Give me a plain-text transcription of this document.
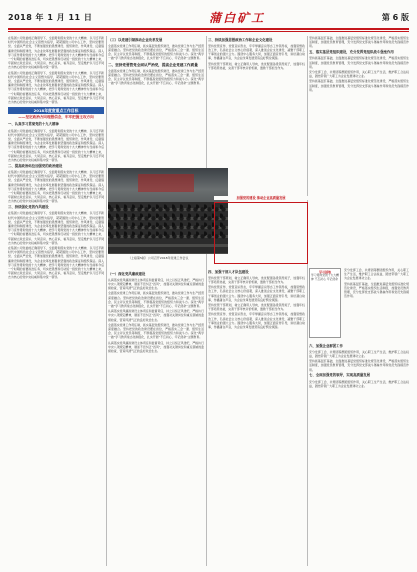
2018 年 1 月 11 日	蒲白矿工	第 6 版

在集团公司党委的正确领导下，全面贯彻落实党的十九大精神，以习近平新时代中国特色社会主义思想为指导，紧紧围绕公司中心工作，坚持党要管党、全面从严治党，不断加强党的思想建设、组织建设、作风建设、反腐倡廉建设和制度建设，为企业改革发展提供坚强的政治保证和组织保证。深入学习宣传贯彻党的十九大精神，把学习贯彻党的十九大精神作为当前和今后一个时期的首要政治任务，切实把思想和行动统一到党的十九大精神上来，牢固树立政治意识、大局意识、核心意识、看齐意识，坚定维护以习近平同志为核心的党中央权威和集中统一领导。

在集团公司党委的正确领导下，全面贯彻落实党的十九大精神，以习近平新时代中国特色社会主义思想为指导，紧紧围绕公司中心工作，坚持党要管党、全面从严治党，不断加强党的思想建设、组织建设、作风建设、反腐倡廉建设和制度建设，为企业改革发展提供坚强的政治保证和组织保证。深入学习宣传贯彻党的十九大精神，把学习贯彻党的十九大精神作为当前和今后一个时期的首要政治任务，切实把思想和行动统一到党的十九大精神上来，牢固树立政治意识、大局意识、核心意识、看齐意识，坚定维护以习近平同志为核心的党中央权威和集中统一领导。

2018年度度重点工作目标
——坚定政治方向理想信念，牢牢把握主攻方向
一、认真学习贯彻党的十九大精神

在集团公司党委的正确领导下，全面贯彻落实党的十九大精神，以习近平新时代中国特色社会主义思想为指导，紧紧围绕公司中心工作，坚持党要管党、全面从严治党，不断加强党的思想建设、组织建设、作风建设、反腐倡廉建设和制度建设，为企业改革发展提供坚强的政治保证和组织保证。深入学习宣传贯彻党的十九大精神，把学习贯彻党的十九大精神作为当前和今后一个时期的首要政治任务，切实把思想和行动统一到党的十九大精神上来，牢固树立政治意识、大局意识、核心意识、看齐意识，坚定维护以习近平同志为核心的党中央权威和集中统一领导。

二、提高政治站位加强党的政治建设

在集团公司党委的正确领导下，全面贯彻落实党的十九大精神，以习近平新时代中国特色社会主义思想为指导，紧紧围绕公司中心工作，坚持党要管党、全面从严治党，不断加强党的思想建设、组织建设、作风建设、反腐倡廉建设和制度建设，为企业改革发展提供坚强的政治保证和组织保证。深入学习宣传贯彻党的十九大精神，把学习贯彻党的十九大精神作为当前和今后一个时期的首要政治任务，切实把思想和行动统一到党的十九大精神上来，牢固树立政治意识、大局意识、核心意识、看齐意识，坚定维护以习近平同志为核心的党中央权威和集中统一领导。

三、持续强化党的作风建设

在集团公司党委的正确领导下，全面贯彻落实党的十九大精神，以习近平新时代中国特色社会主义思想为指导，紧紧围绕公司中心工作，坚持党要管党、全面从严治党，不断加强党的思想建设、组织建设、作风建设、反腐倡廉建设和制度建设，为企业改革发展提供坚强的政治保证和组织保证。深入学习宣传贯彻党的十九大精神，把学习贯彻党的十九大精神作为当前和今后一个时期的首要政治任务，切实把思想和行动统一到党的十九大精神上来，牢固树立政治意识、大局意识、核心意识、看齐意识，坚定维护以习近平同志为核心的党中央权威和集中统一领导。

在集团公司党委的正确领导下，全面贯彻落实党的十九大精神，以习近平新时代中国特色社会主义思想为指导，紧紧围绕公司中心工作，坚持党要管党、全面从严治党，不断加强党的思想建设、组织建设、作风建设、反腐倡廉建设和制度建设，为企业改革发展提供坚强的政治保证和组织保证。深入学习宣传贯彻党的十九大精神，把学习贯彻党的十九大精神作为当前和今后一个时期的首要政治任务，切实把思想和行动统一到党的十九大精神上来，牢固树立政治意识、大局意识、核心意识、看齐意识，坚定维护以习近平同志为核心的党中央权威和集中统一领导。

（三）以党建引领推动企业改革发展

全面落实党建工作责任制，抓实基层党组织建设，推动党建工作与生产经营深度融合。坚持把党的政治建设摆在首位，严格落实三会一课、组织生活会、民主评议党员等制度，不断提高党组织的组织力和战斗力。深化“两学一做”学习教育常态化制度化，扎实开展“不忘初心、牢记使命”主题教育。

二、坚持党要管党全面从严治党，提高企业党建工作质量

全面落实党建工作责任制，抓实基层党组织建设，推动党建工作与生产经营深度融合。坚持把党的政治建设摆在首位，严格落实三会一课、组织生活会、民主评议党员等制度，不断提高党组织的组织力和战斗力。深化“两学一做”学习教育常态化制度化，扎实开展“不忘初心、牢记使命”主题教育。

（上接第5版）公司召开2018年党建工作会议
（一）深化党风廉政建设

认真落实党风廉政建设主体责任和监督责任，持之以恒正风肃纪，严格执行中央八项规定精神，驰而不息纠正“四风”，加强对关键岗位和重点领域的监督检查，营造风清气正的良好政治生态。

全面落实党建工作责任制，抓实基层党组织建设，推动党建工作与生产经营深度融合。坚持把党的政治建设摆在首位，严格落实三会一课、组织生活会、民主评议党员等制度，不断提高党组织的组织力和战斗力。深化“两学一做”学习教育常态化制度化，扎实开展“不忘初心、牢记使命”主题教育。

认真落实党风廉政建设主体责任和监督责任，持之以恒正风肃纪，严格执行中央八项规定精神，驰而不息纠正“四风”，加强对关键岗位和重点领域的监督检查，营造风清气正的良好政治生态。

全面落实党建工作责任制，抓实基层党组织建设，推动党建工作与生产经营深度融合。坚持把党的政治建设摆在首位，严格落实三会一课、组织生活会、民主评议党员等制度，不断提高党组织的组织力和战斗力。深化“两学一做”学习教育常态化制度化，扎实开展“不忘初心、牢记使命”主题教育。

认真落实党风廉政建设主体责任和监督责任，持之以恒正风肃纪，严格执行中央八项规定精神，驰而不息纠正“四风”，加强对关键岗位和重点领域的监督检查，营造风清气正的良好政治生态。

三、持续加强思想政治工作和企业文化建设

坚持党管宣传、党管意识形态，牢牢掌握意识形态工作领导权，加强思想政治工作，弘扬社会主义核心价值观，深入推进企业文化建设，凝聚干部职工干事创业的强大合力。围绕中心服务大局，加强正面宣传引导，讲好蒲白故事，传播蒲白声音，为企业改革发展营造良好舆论氛围。

坚持党管干部原则，树立正确用人导向，选优配强各级领导班子，加强年轻干部培养选拔，完善干部考核评价机制，激励干部担当作为。

加强党的建设 推动企业高质量发展
四、加强干部人才队伍建设

坚持党管干部原则，树立正确用人导向，选优配强各级领导班子，加强年轻干部培养选拔，完善干部考核评价机制，激励干部担当作为。

坚持党管宣传、党管意识形态，牢牢掌握意识形态工作领导权，加强思想政治工作，弘扬社会主义核心价值观，深入推进企业文化建设，凝聚干部职工干事创业的强大合力。围绕中心服务大局，加强正面宣传引导，讲好蒲白故事，传播蒲白声音，为企业改革发展营造良好舆论氛围。

坚持党管干部原则，树立正确用人导向，选优配强各级领导班子，加强年轻干部培养选拔，完善干部考核评价机制，激励干部担当作为。

坚持党管宣传、党管意识形态，牢牢掌握意识形态工作领导权，加强思想政治工作，弘扬社会主义核心价值观，深入推进企业文化建设，凝聚干部职工干事创业的强大合力。围绕中心服务大局，加强正面宣传引导，讲好蒲白故事，传播蒲白声音，为企业改革发展营造良好舆论氛围。

坚持抓基层打基础，全面推进基层党组织标准化规范化建设，严格落实组织生活制度，加强党员教育管理，充分发挥党支部战斗堡垒作用和党员先锋模范作用。

五、落实基层党组织建设，充分发挥党组织战斗堡垒作用

坚持抓基层打基础，全面推进基层党组织标准化规范化建设，严格落实组织生活制度，加强党员教育管理，充分发挥党支部战斗堡垒作用和党员先锋模范作用。

充分发挥工会、共青团等群团组织作用，关心职工生产生活，维护职工合法权益，团结带领广大职工为企业发展建功立业。

坚持抓基层打基础，全面推进基层党组织标准化规范化建设，严格落实组织生活制度，加强党员教育管理，充分发挥党支部战斗堡垒作用和党员先锋模范作用。

学习园地
学习贯彻党的十九大精神 不忘初心 牢记使命

充分发挥工会、共青团等群团组织作用，关心职工生产生活，维护职工合法权益，团结带领广大职工为企业发展建功立业。

坚持抓基层打基础，全面推进基层党组织标准化规范化建设，严格落实组织生活制度，加强党员教育管理，充分发挥党支部战斗堡垒作用和党员先锋模范作用。

六、加强企业群团工作

充分发挥工会、共青团等群团组织作用，关心职工生产生活，维护职工合法权益，团结带领广大职工为企业发展建功立业。

坚持抓基层打基础，全面推进基层党组织标准化规范化建设，严格落实组织生活制度，加强党员教育管理，充分发挥党支部战斗堡垒作用和党员先锋模范作用。

七、全面加强党的领导，实现高质量发展

充分发挥工会、共青团等群团组织作用，关心职工生产生活，维护职工合法权益，团结带领广大职工为企业发展建功立业。
